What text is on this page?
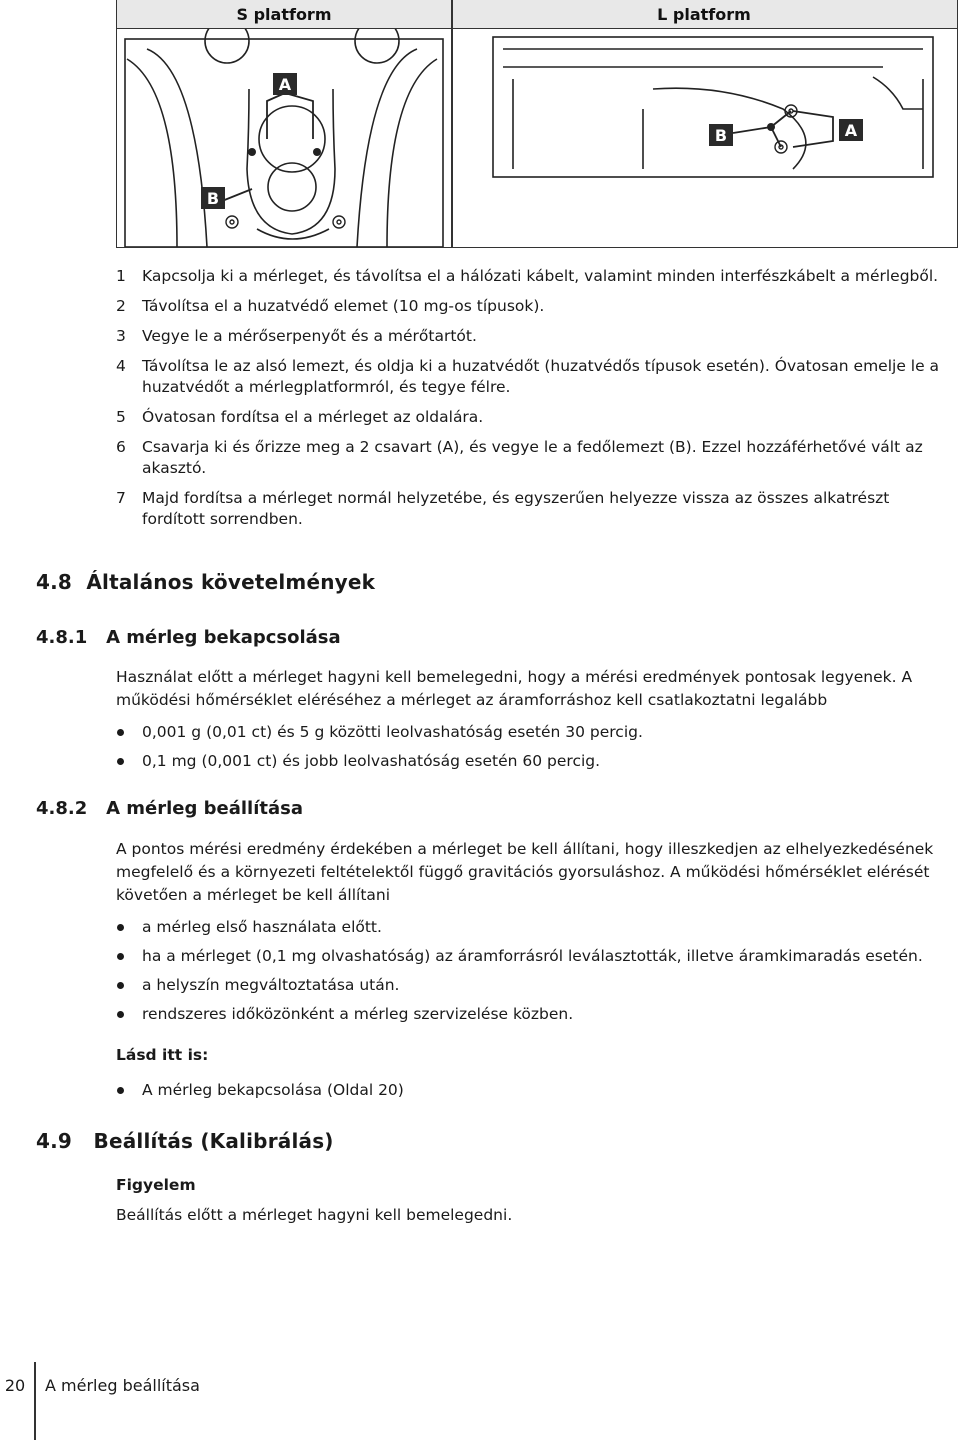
S platform	L platform
A
B
B	A
1 Kapcsolja ki a mérleget, és távolítsa el a hálózati kábelt, valamint minden interfészkábelt a mérlegből.
2 Távolítsa el a huzatvédő elemet (10 mg-os típusok).
3 Vegye le a mérőserpenyőt és a mérőtartót.
4 Távolítsa le az alsó lemezt, és oldja ki a huzatvédőt (huzatvédős típusok esetén). Óvatosan emelje le a huzatvédőt a mérlegplatformról, és tegye félre.
5 Óvatosan fordítsa el a mérleget az oldalára.
6 Csavarja ki és őrizze meg a 2 csavart (A), és vegye le a fedőlemezt (B). Ezzel hozzáférhetővé vált az akasztó.
7 Majd fordítsa a mérleget normál helyzetébe, és egyszerűen helyezze vissza az összes alkatrészt fordított sorrendben.
4.8 Általános követelmények
4.8.1 A mérleg bekapcsolása

Használat előtt a mérleget hagyni kell bemelegedni, hogy a mérési eredmények pontosak legyenek. A működési hőmérséklet eléréséhez a mérleget az áramforráshoz kell csatlakoztatni legalább

0,001 g (0,01 ct) és 5 g közötti leolvashatóság esetén 30 percig.
0,1 mg (0,001 ct) és jobb leolvashatóság esetén 60 percig.
4.8.2 A mérleg beállítása

A pontos mérési eredmény érdekében a mérleget be kell állítani, hogy illeszkedjen az elhelyezkedésének megfelelő és a környezeti feltételektől függő gravitációs gyorsuláshoz. A működési hőmérséklet elérését követően a mérleget be kell állítani

a mérleg első használata előtt.
ha a mérleget (0,1 mg olvashatóság) az áramforrásról leválasztották, illetve áramkimaradás esetén.
a helyszín megváltoztatása után.
rendszeres időközönként a mérleg szervizelése közben.

Lásd itt is:

A mérleg bekapcsolása (Oldal 20)
4.9 Beállítás (Kalibrálás)

Figyelem

Beállítás előtt a mérleget hagyni kell bemelegedni.

20	A mérleg beállítása
